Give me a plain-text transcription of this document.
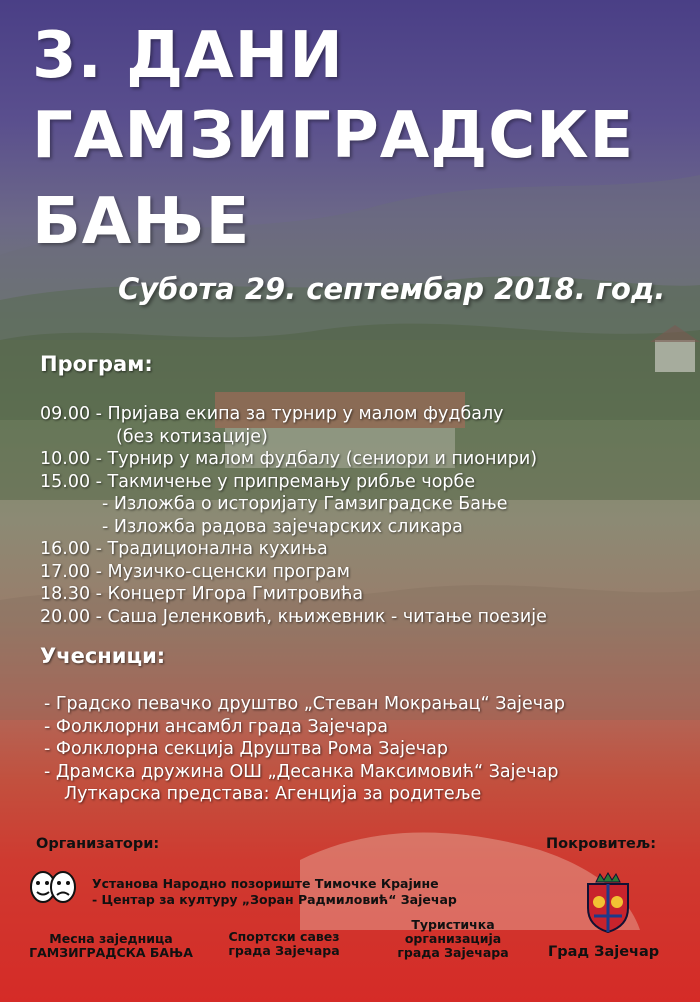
3. ДАНИ
ГАМЗИГРАДСКЕ
БАЊЕ
Субота 29. септембар 2018. год.
Програм:
09.00 - Пријава екипа за турнир у малом фудбалу
(без котизације)
10.00 - Турнир у малом фудбалу (сениори и пионири)
15.00 - Такмичење у припремању рибље чорбе
- Изложба о историјату Гамзиградске Бање
- Изложба радова зајечарских сликара
16.00 - Традиционална кухиња
17.00 - Музичко-сценски програм
18.30 - Концерт Игора Гмитровића
20.00 - Саша Јеленковић, књижевник - читање поезије
Учесници:
- Градско певачко друштво „Стеван Мокрањац“ Зајечар
- Фолклорни ансамбл града Зајечара
- Фолклорна секција Друштва Рома Зајечар
- Драмска дружина ОШ „Десанка Максимовић“ Зајечар
Луткарска представа: Агенција за родитеље
Организатори:	Покровитељ:
Установа Народно позориште Тимочке Крајине
- Центар за културу „Зоран Радмиловић“ Зајечар
Месна заједница
ГАМЗИГРАДСКА БАЊА
Спортски савез
града Зајечара
Туристичка
организација
града Зајечара	Град Зајечар
